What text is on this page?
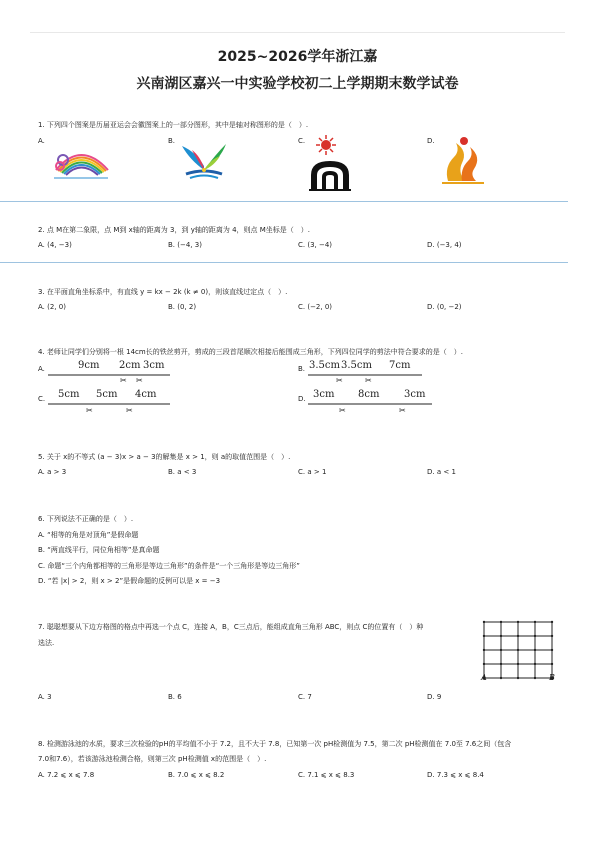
2025~2026学年浙江嘉
兴南湖区嘉兴一中实验学校初二上学期期末数学试卷
1. 下列四个图案是历届亚运会会徽图案上的一部分图形，其中是轴对称图形的是（　）.
A.	B.	C.	D.
2. 点 M在第二象限，点 M到 x轴的距离为 3，到 y轴的距离为 4，则点 M坐标是（　）.
A. (4, −3)	B. (−4, 3)	C. (3, −4)	D. (−3, 4)
3. 在平面直角坐标系中，有直线 y = kx − 2k (k ≠ 0)，则该直线过定点（　）.
A. (2, 0)	B. (0, 2)	C. (−2, 0)	D. (0, −2)
4. 老师让同学们分别将一根 14cm长的铁丝剪开，剪成的三段首尾顺次相接后能围成三角形，下列四位同学的剪法中符合要求的是（　）.
A.	9cm 2cm 3cm
✂ ✂
B. 3.5cm 3.5cm 7cm
✂	✂
C. 5cm 5cm 4cm
✂	✂
D. 3cm 8cm 3cm
✂	✂
5. 关于 x的不等式 (a − 3)x > a − 3的解集是 x > 1，则 a的取值范围是（　）.
A. a > 3	B. a < 3	C. a > 1	D. a < 1
6. 下列说法不正确的是（　）.
A. “相等的角是对顶角”是假命题
B. “两直线平行，同位角相等”是真命题
C. 命题“三个内角都相等的三角形是等边三角形”的条件是“一个三角形是等边三角形”
D. “若 |x| > 2，则 x > 2”是假命题的反例可以是 x = −3
7. 聪聪想要从下边方格图的格点中再选一个点 C，连接 A，B，C三点后，能组成直角三角形 ABC，则点 C的位置有（　）种
选法.
A	B
A. 3	B. 6	C. 7	D. 9
8. 检测游泳池的水质，要求三次检验的pH的平均值不小于 7.2，且不大于 7.8，已知第一次 pH检测值为 7.5，第二次 pH检测值在 7.0至 7.6之间（包含
7.0和7.6），若该游泳池检测合格，则第三次 pH检测值 x的范围是（　）.
A. 7.2 ⩽ x ⩽ 7.8	B. 7.0 ⩽ x ⩽ 8.2	C. 7.1 ⩽ x ⩽ 8.3	D. 7.3 ⩽ x ⩽ 8.4
